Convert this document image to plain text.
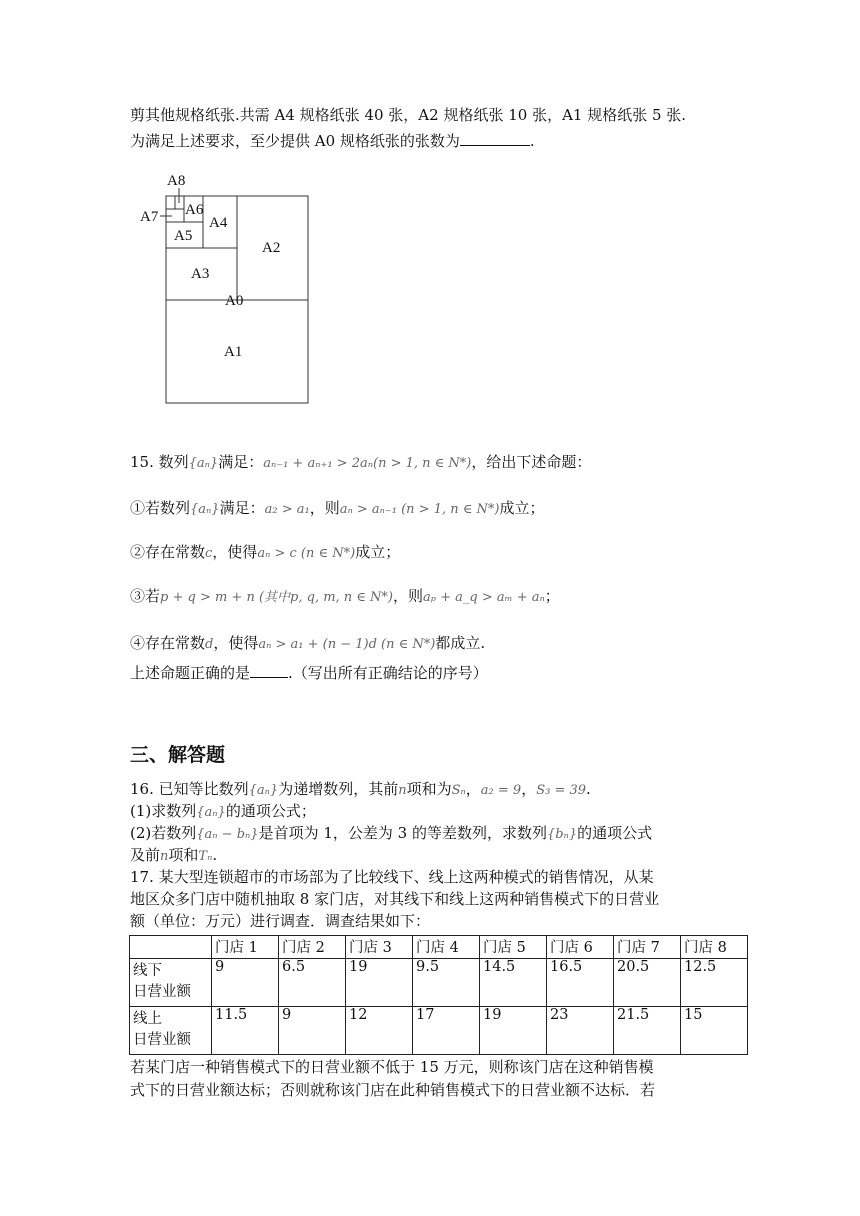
剪其他规格纸张.共需 A4 规格纸张 40 张，A2 规格纸张 10 张，A1 规格纸张 5 张.
为满足上述要求，至少提供 A0 规格纸张的张数为	.
A8
A7 A6
A5
A4
A3
A2
A0
A1
15. 数列{aₙ}满足：aₙ₋₁ + aₙ₊₁ > 2aₙ(n > 1, n ∈ N*)，给出下述命题：
①若数列{aₙ}满足：a₂ > a₁，则aₙ > aₙ₋₁ (n > 1, n ∈ N*)成立；
②存在常数c，使得aₙ > c (n ∈ N*)成立；
③若p + q > m + n (其中p, q, m, n ∈ N*)，则aₚ + a_q > aₘ + aₙ；
④存在常数d，使得aₙ > a₁ + (n − 1)d (n ∈ N*)都成立.
上述命题正确的是	.（写出所有正确结论的序号）
三、解答题
16. 已知等比数列{aₙ}为递增数列，其前n项和为Sₙ，a₂ = 9，S₃ = 39.
(1)求数列{aₙ}的通项公式；
(2)若数列{aₙ − bₙ}是首项为 1，公差为 3 的等差数列，求数列{bₙ}的通项公式
及前n项和Tₙ.
17. 某大型连锁超市的市场部为了比较线下、线上这两种模式的销售情况，从某
地区众多门店中随机抽取 8 家门店，对其线下和线上这两种销售模式下的日营业
额（单位：万元）进行调查．调查结果如下：
	门店 1	门店 2	门店 3	门店 4	门店 5	门店 6	门店 7	门店 8
线下
日营业额	9	6.5	19	9.5	14.5	16.5	20.5	12.5
线上
日营业额	11.5	9	12	17	19	23	21.5	15
若某门店一种销售模式下的日营业额不低于 15 万元，则称该门店在这种销售模
式下的日营业额达标；否则就称该门店在此种销售模式下的日营业额不达标．若
